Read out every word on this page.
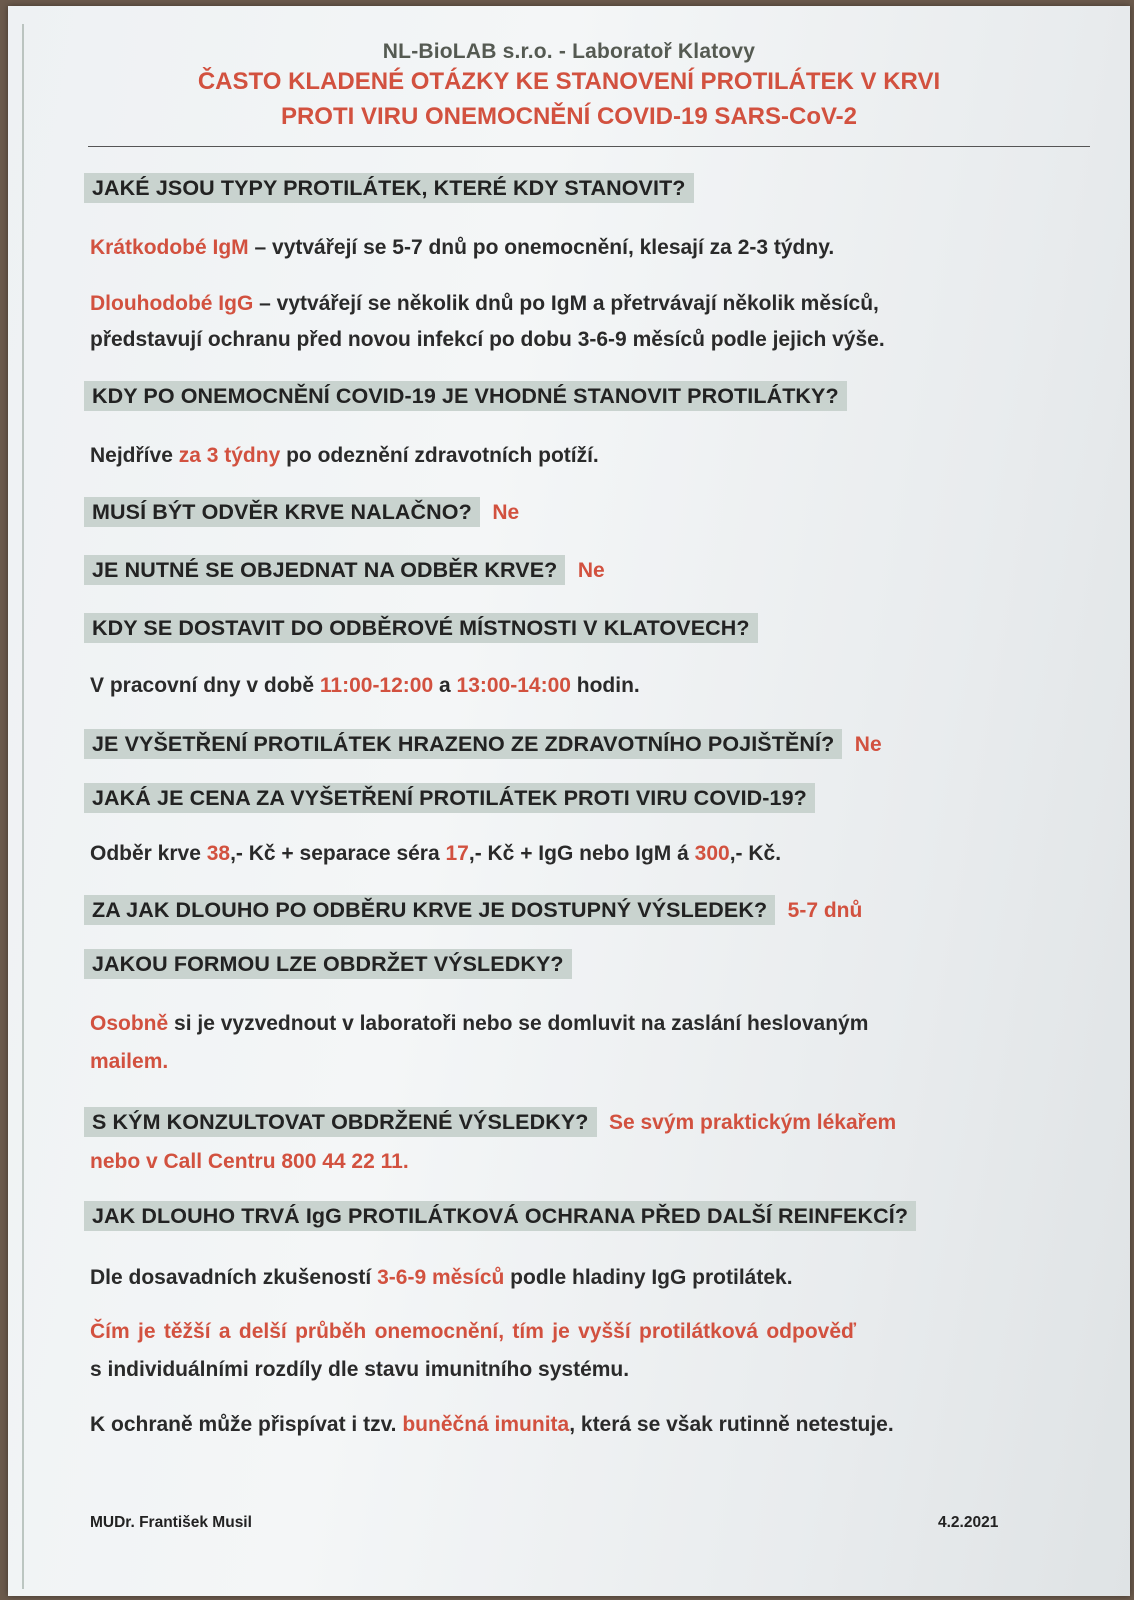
NL-BioLAB s.r.o. - Laboratoř Klatovy
ČASTO KLADENÉ OTÁZKY KE STANOVENÍ PROTILÁTEK V KRVI
PROTI VIRU ONEMOCNĚNÍ COVID-19 SARS-CoV-2
JAKÉ JSOU TYPY PROTILÁTEK, KTERÉ KDY STANOVIT?
Krátkodobé IgM – vytvářejí se 5-7 dnů po onemocnění, klesají za 2-3 týdny.
Dlouhodobé IgG – vytvářejí se několik dnů po IgM a přetrvávají několik měsíců,
představují ochranu před novou infekcí po dobu 3-6-9 měsíců podle jejich výše.
KDY PO ONEMOCNĚNÍ COVID-19 JE VHODNÉ STANOVIT PROTILÁTKY?
Nejdříve za 3 týdny po odeznění zdravotních potíží.
MUSÍ BÝT ODVĚR KRVE NALAČNO? Ne
JE NUTNÉ SE OBJEDNAT NA ODBĚR KRVE? Ne
KDY SE DOSTAVIT DO ODBĚROVÉ MÍSTNOSTI V KLATOVECH?
V pracovní dny v době 11:00-12:00 a 13:00-14:00 hodin.
JE VYŠETŘENÍ PROTILÁTEK HRAZENO ZE ZDRAVOTNÍHO POJIŠTĚNÍ? Ne
JAKÁ JE CENA ZA VYŠETŘENÍ PROTILÁTEK PROTI VIRU COVID-19?
Odběr krve 38,- Kč + separace séra 17,- Kč + IgG nebo IgM á 300,- Kč.
ZA JAK DLOUHO PO ODBĚRU KRVE JE DOSTUPNÝ VÝSLEDEK? 5-7 dnů
JAKOU FORMOU LZE OBDRŽET VÝSLEDKY?
Osobně si je vyzvednout v laboratoři nebo se domluvit na zaslání heslovaným
mailem.
S KÝM KONZULTOVAT OBDRŽENÉ VÝSLEDKY? Se svým praktickým lékařem
nebo v Call Centru 800 44 22 11.
JAK DLOUHO TRVÁ IgG PROTILÁTKOVÁ OCHRANA PŘED DALŠÍ REINFEKCÍ?
Dle dosavadních zkušeností 3-6-9 měsíců podle hladiny IgG protilátek.
Čím je těžší a delší průběh onemocnění, tím je vyšší protilátková odpověď
s individuálními rozdíly dle stavu imunitního systému.
K ochraně může přispívat i tzv. buněčná imunita, která se však rutinně netestuje.
MUDr. František Musil	4.2.2021
